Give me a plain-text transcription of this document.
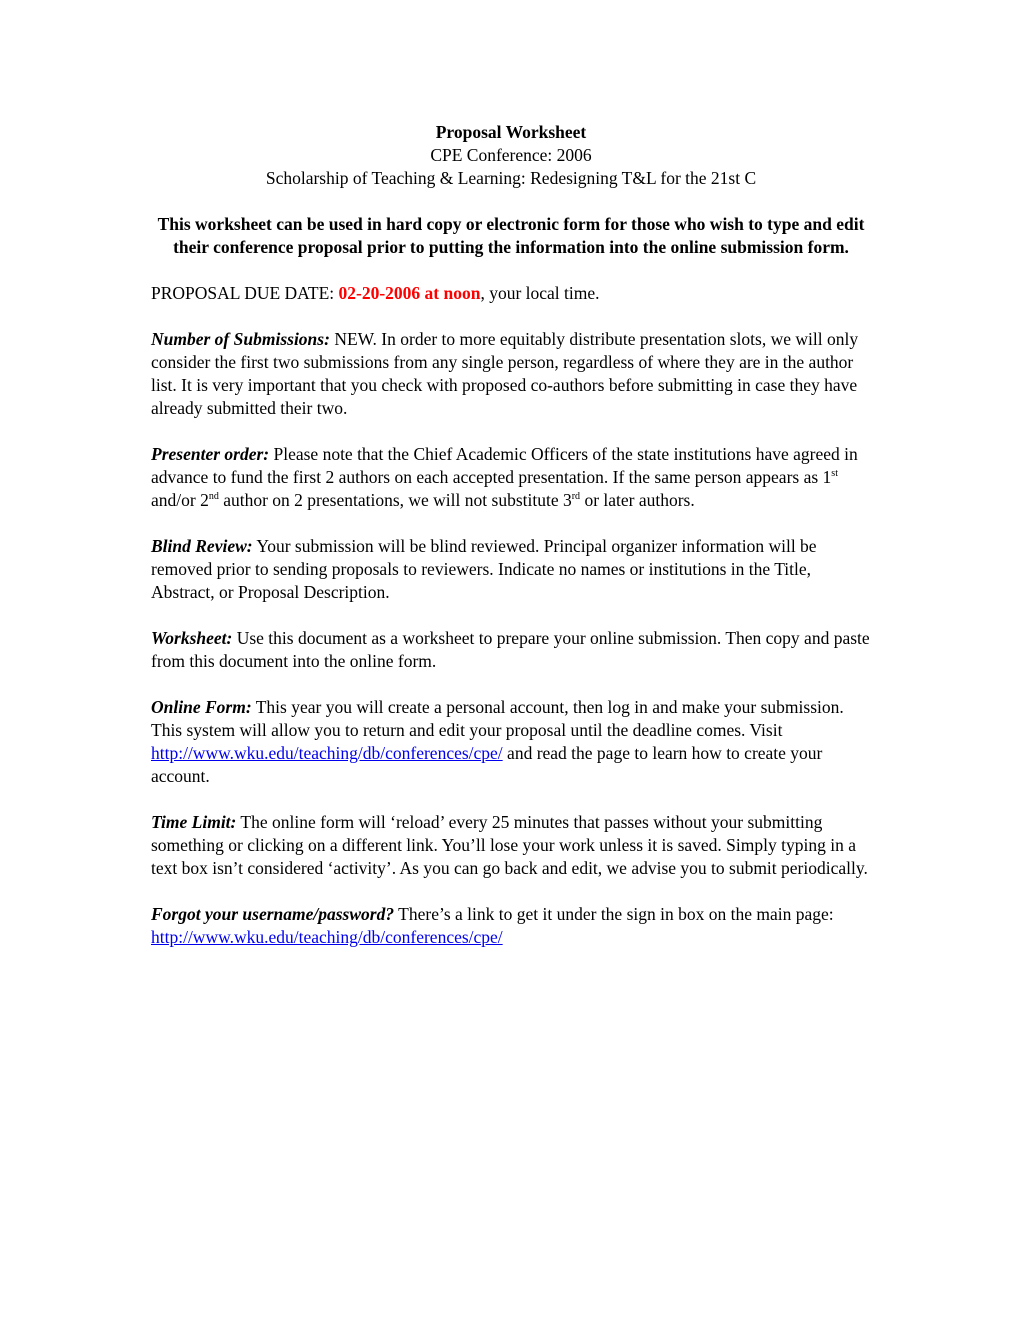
Proposal Worksheet
CPE Conference: 2006
Scholarship of Teaching & Learning: Redesigning T&L for the 21st C

This worksheet can be used in hard copy or electronic form for those who wish to type and edit their conference proposal prior to putting the information into the online submission form.

PROPOSAL DUE DATE: 02-20-2006 at noon, your local time.

Number of Submissions: NEW. In order to more equitably distribute presentation slots, we will only consider the first two submissions from any single person, regardless of where they are in the author list. It is very important that you check with proposed co-authors before submitting in case they have already submitted their two.

Presenter order: Please note that the Chief Academic Officers of the state institutions have agreed in advance to fund the first 2 authors on each accepted presentation. If the same person appears as 1st and/or 2nd author on 2 presentations, we will not substitute 3rd or later authors.

Blind Review: Your submission will be blind reviewed. Principal organizer information will be removed prior to sending proposals to reviewers. Indicate no names or institutions in the Title, Abstract, or Proposal Description.

Worksheet: Use this document as a worksheet to prepare your online submission. Then copy and paste from this document into the online form.

Online Form: This year you will create a personal account, then log in and make your submission. This system will allow you to return and edit your proposal until the deadline comes. Visit http://www.wku.edu/teaching/db/conferences/cpe/ and read the page to learn how to create your account.

Time Limit: The online form will ‘reload’ every 25 minutes that passes without your submitting something or clicking on a different link. You’ll lose your work unless it is saved. Simply typing in a text box isn’t considered ‘activity’. As you can go back and edit, we advise you to submit periodically.

Forgot your username/password? There’s a link to get it under the sign in box on the main page: http://www.wku.edu/teaching/db/conferences/cpe/
